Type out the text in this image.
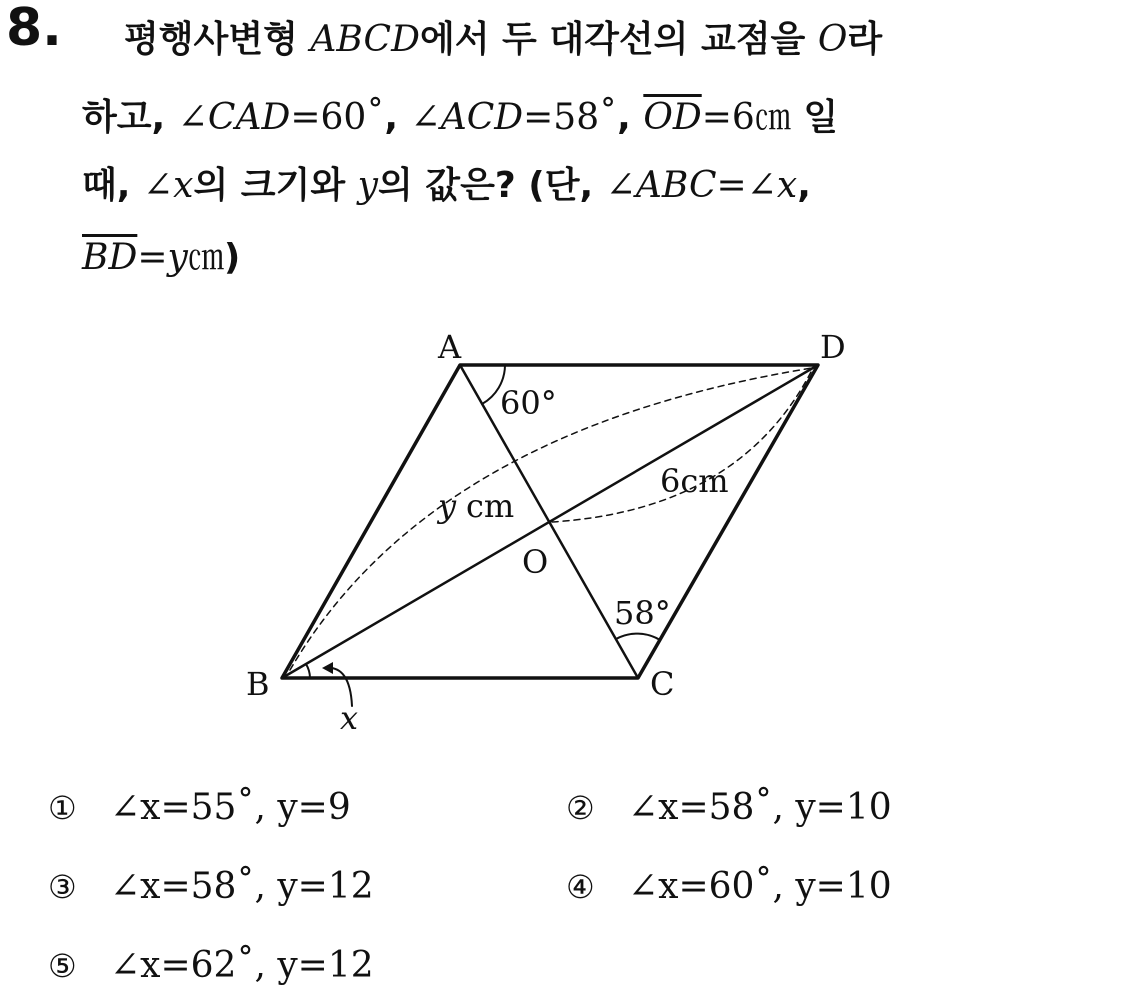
8. 평행사변형 ABCD에서 두 대각선의 교점을 O라
하고, ∠CAD=60˚, ∠ACD=58˚, $\overline{OD}=6㎝$ 일
때, ∠x의 크기와 y의 값은? (단, ∠ABC=∠x,
$\overline{BD}=y㎝$)
A	D
B	C
O
60°
58°
6cm
y cm
x
① ∠x=55˚, y=9	② ∠x=58˚, y=10
③ ∠x=58˚, y=12	④ ∠x=60˚, y=10
⑤ ∠x=62˚, y=12
